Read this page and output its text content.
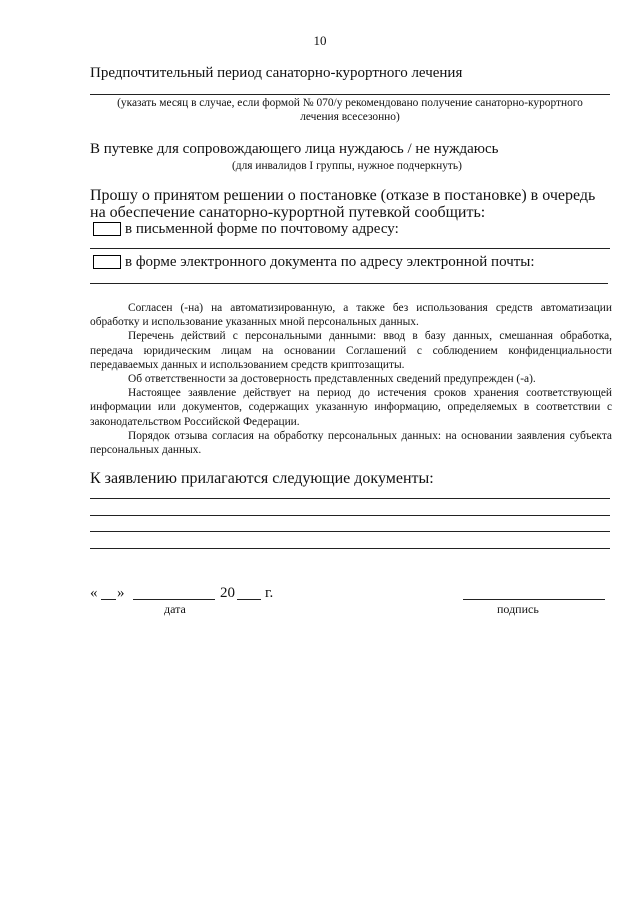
10
Предпочтительный период санаторно-курортного лечения
(указать месяц в случае, если формой № 070/у рекомендовано получение санаторно-курортного
лечения всесезонно)
В путевке для сопровождающего лица нуждаюсь / не нуждаюсь
(для инвалидов I группы, нужное подчеркнуть)
Прошу о принятом решении о постановке (отказе в постановке) в очередь
на обеспечение санаторно-курортной путевкой сообщить:
в письменной форме по почтовому адресу:
в форме электронного документа по адресу электронной почты:

Согласен (-на) на автоматизированную, а также без использования средств автоматизации обработку и использование указанных мной персональных данных.

Перечень действий с персональными данными: ввод в базу данных, смешанная обработка, передача юридическим лицам на основании Соглашений с соблюдением конфиденциальности передаваемых данных и использованием средств криптозащиты.

Об ответственности за достоверность представленных сведений предупрежден (-а).

Настоящее заявление действует на период до истечения сроков хранения соответствующей информации или документов, содержащих указанную информацию, определяемых в соответствии с законодательством Российской Федерации.

Порядок отзыва согласия на обработку персональных данных: на основании заявления субъекта персональных данных.

К заявлению прилагаются следующие документы:
« »	20 г.
дата	подпись
